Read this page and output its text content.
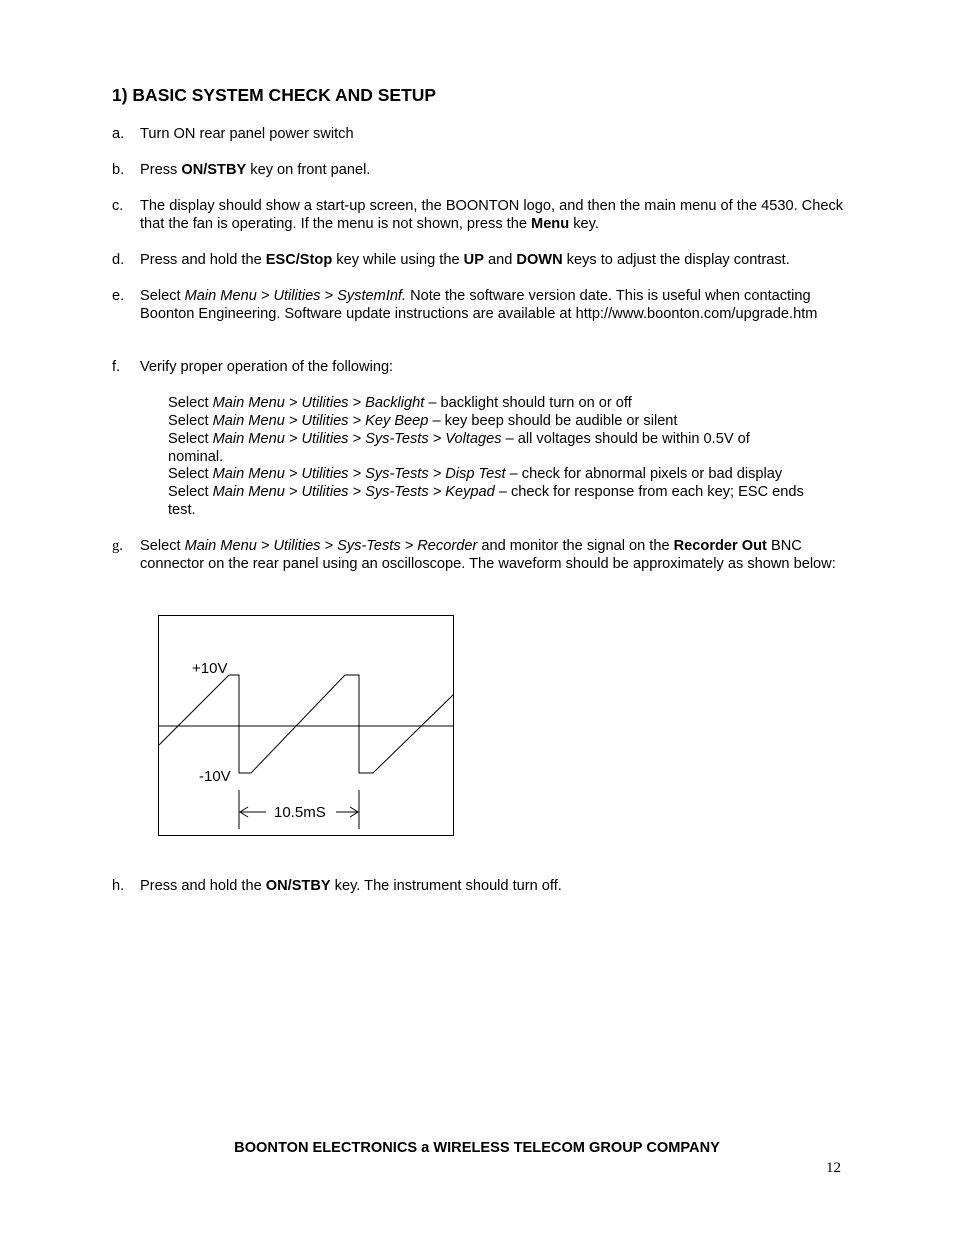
1) BASIC SYSTEM CHECK AND SETUP
a. Turn ON rear panel power switch
b. Press ON/STBY key on front panel.
c. The display should show a start-up screen, the BOONTON logo, and then the main menu of the 4530. Check that the fan is operating. If the menu is not shown, press the Menu key.
d. Press and hold the ESC/Stop key while using the UP and DOWN keys to adjust the display contrast.
e. Select Main Menu > Utilities > SystemInf. Note the software version date. This is useful when contacting Boonton Engineering. Software update instructions are available at http://www.boonton.com/upgrade.htm
f. Verify proper operation of the following:
Select Main Menu > Utilities > Backlight – backlight should turn on or off
Select Main Menu > Utilities > Key Beep – key beep should be audible or silent
Select Main Menu > Utilities > Sys-Tests > Voltages – all voltages should be within 0.5V of nominal.
Select Main Menu > Utilities > Sys-Tests > Disp Test – check for abnormal pixels or bad display
Select Main Menu > Utilities > Sys-Tests > Keypad – check for response from each key; ESC ends test.
g. Select Main Menu > Utilities > Sys-Tests > Recorder and monitor the signal on the Recorder Out BNC connector on the rear panel using an oscilloscope. The waveform should be approximately as shown below:
+10V
-10V
10.5mS
h. Press and hold the ON/STBY key. The instrument should turn off.
BOONTON ELECTRONICS a WIRELESS TELECOM GROUP COMPANY
12
